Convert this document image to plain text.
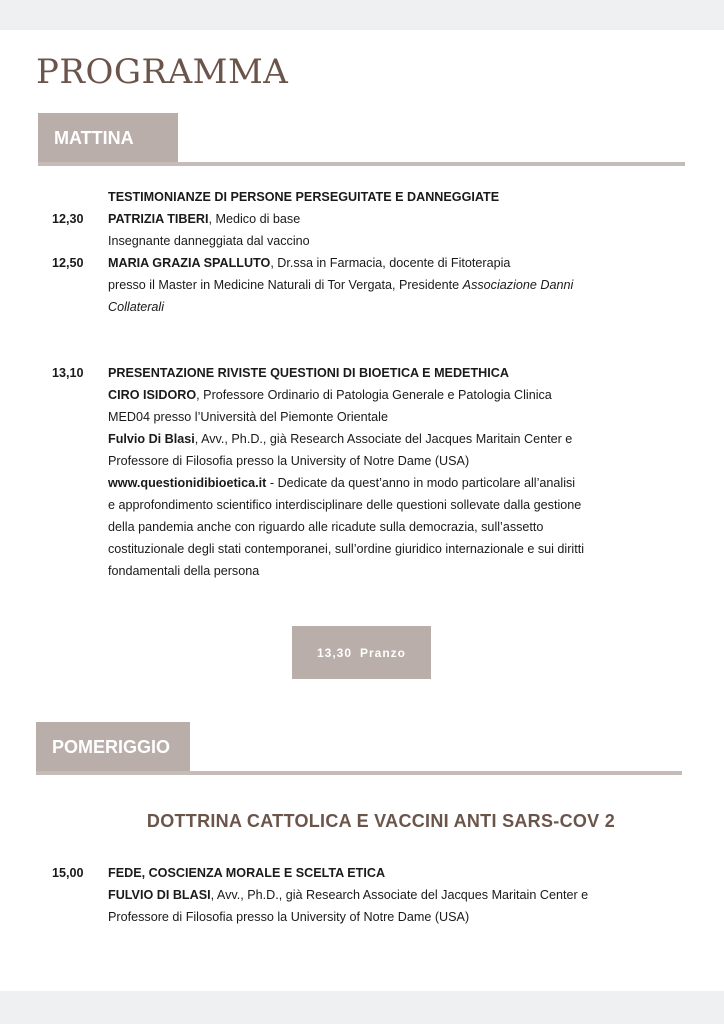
PROGRAMMA
MATTINA

TESTIMONIANZE DI PERSONE PERSEGUITATE E DANNEGGIATE

12,30	PATRIZIA TIBERI, Medico di base

Insegnante danneggiata dal vaccino

12,50	MARIA GRAZIA SPALLUTO, Dr.ssa in Farmacia, docente di Fitoterapia

presso il Master in Medicine Naturali di Tor Vergata, Presidente Associazione Danni

Collaterali

13,10	PRESENTAZIONE RIVISTE QUESTIONI DI BIOETICA E MEDETHICA

CIRO ISIDORO, Professore Ordinario di Patologia Generale e Patologia Clinica

MED04 presso l’Università del Piemonte Orientale

Fulvio Di Blasi, Avv., Ph.D., già Research Associate del Jacques Maritain Center e

Professore di Filosofia presso la University of Notre Dame (USA)

www.questionidibioetica.it - Dedicate da quest’anno in modo particolare all’analisi

e approfondimento scientifico interdisciplinare delle questioni sollevate dalla gestione

della pandemia anche con riguardo alle ricadute sulla democrazia, sull’assetto

costituzionale degli stati contemporanei, sull’ordine giuridico internazionale e sui diritti

fondamentali della persona

13,30 Pranzo
POMERIGGIO
DOTTRINA CATTOLICA E VACCINI ANTI SARS-COV 2
15,00	FEDE, COSCIENZA MORALE E SCELTA ETICA

FULVIO DI BLASI, Avv., Ph.D., già Research Associate del Jacques Maritain Center e

Professore di Filosofia presso la University of Notre Dame (USA)
